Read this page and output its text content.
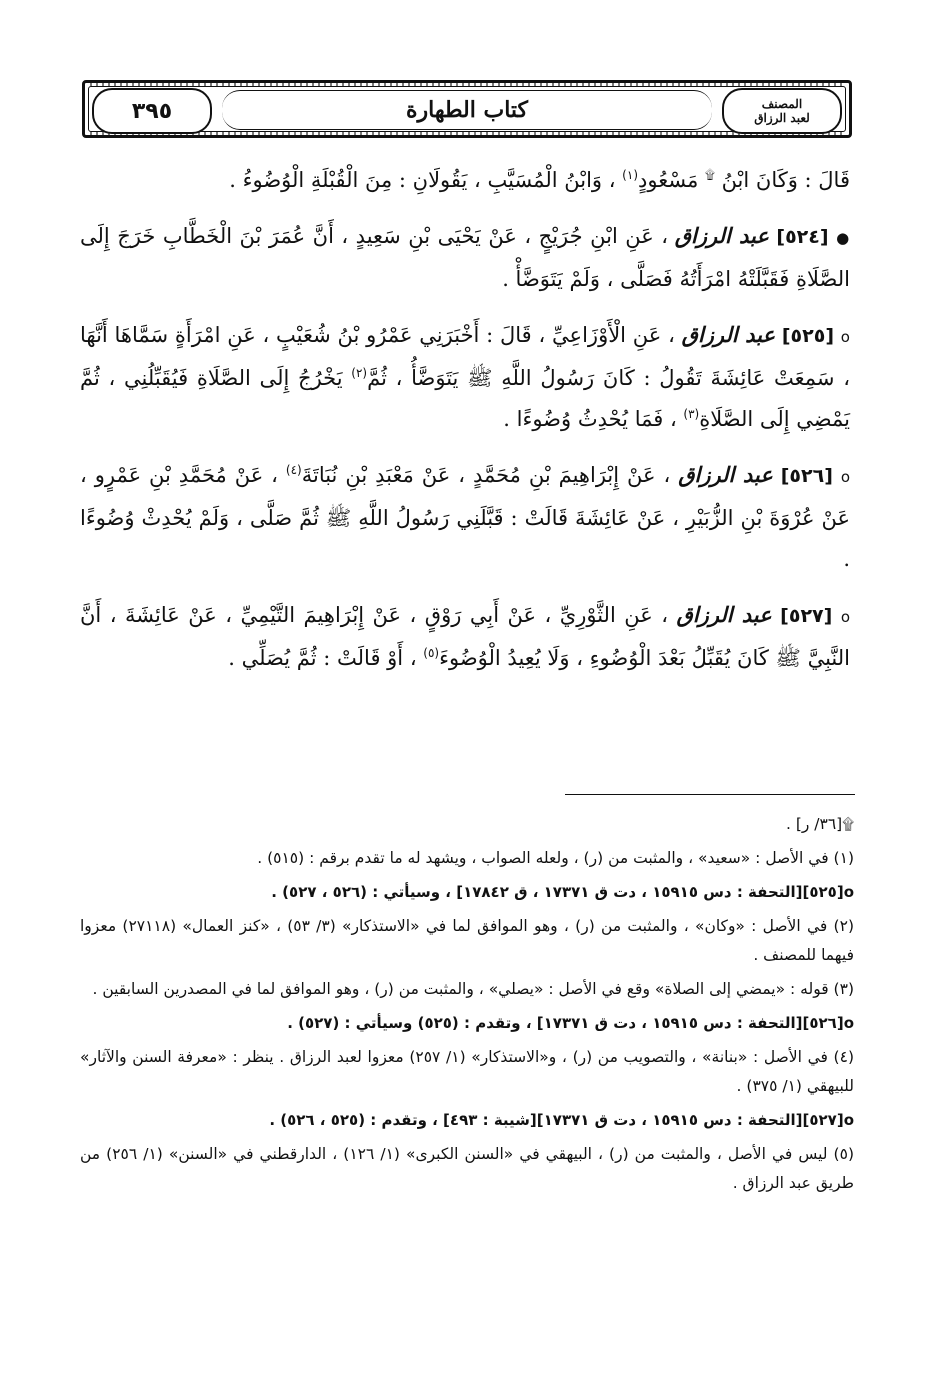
٣٩٥	كتاب الطهارة	المصنف
لعبد الرزاق

قَالَ : وَكَانَ ابْنُ ۩ مَسْعُودٍ$^{(١)}$ ، وَابْنُ الْمُسَيَّبِ ، يَقُولَانِ : مِنَ الْقُبْلَةِ الْوُضُوءُ .

● [٥٢٤] عبد الرزاق ، عَنِ ابْنِ جُرَيْجٍ ، عَنْ يَحْيَى بْنِ سَعِيدٍ ، أَنَّ عُمَرَ بْنَ الْخَطَّابِ خَرَجَ إِلَى الصَّلَاةِ فَقَبَّلَتْهُ امْرَأَتُهُ فَصَلَّى ، وَلَمْ يَتَوَضَّأْ .

ο [٥٢٥] عبد الرزاق ، عَنِ الْأَوْزَاعِيِّ ، قَالَ : أَخْبَرَنِي عَمْرُو بْنُ شُعَيْبٍ ، عَنِ امْرَأَةٍ سَمَّاهَا أَنَّهَا ، سَمِعَتْ عَائِشَةَ تَقُولُ : كَانَ رَسُولُ اللَّهِ ﷺ يَتَوَضَّأُ ، ثُمَّ$^{(٢)}$ يَخْرُجُ إِلَى الصَّلَاةِ فَيُقَبِّلُنِي ، ثُمَّ يَمْضِي إِلَى الصَّلَاةِ$^{(٣)}$ ، فَمَا يُحْدِثُ وُضُوءًا .

ο [٥٢٦] عبد الرزاق ، عَنْ إِبْرَاهِيمَ بْنِ مُحَمَّدٍ ، عَنْ مَعْبَدِ بْنِ نُبَاتَةَ$^{(٤)}$ ، عَنْ مُحَمَّدِ بْنِ عَمْرٍو ، عَنْ عُرْوَةَ بْنِ الزُّبَيْرِ ، عَنْ عَائِشَةَ قَالَتْ : قَبَّلَنِي رَسُولُ اللَّهِ ﷺ ثُمَّ صَلَّى ، وَلَمْ يُحْدِثْ وُضُوءًا .

ο [٥٢٧] عبد الرزاق ، عَنِ الثَّوْرِيِّ ، عَنْ أَبِي رَوْقٍ ، عَنْ إِبْرَاهِيمَ التَّيْمِيِّ ، عَنْ عَائِشَةَ ، أَنَّ النَّبِيَّ ﷺ كَانَ يُقَبِّلُ بَعْدَ الْوُضُوءِ ، وَلَا يُعِيدُ الْوُضُوءَ$^{(٥)}$ ، أَوْ قَالَتْ : ثُمَّ يُصَلِّي .

۩[٣٦/ ر] .

(١) في الأصل : «سعيد» ، والمثبت من (ر) ، ولعله الصواب ، ويشهد له ما تقدم برقم : (٥١٥) .

ο[٥٢٥][التحفة : دس ١٥٩١٥ ، دت ق ١٧٣٧١ ، ق ١٧٨٤٢] ، وسيأتي : (٥٢٦ ، ٥٢٧) .

(٢) في الأصل : «وكان» ، والمثبت من (ر) ، وهو الموافق لما في «الاستذكار» (٣/ ٥٣) ، «كنز العمال» (٢٧١١٨) معزوا فيهما للمصنف .

(٣) قوله : «يمضي إلى الصلاة» وقع في الأصل : «يصلي» ، والمثبت من (ر) ، وهو الموافق لما في المصدرين السابقين .

ο[٥٢٦][التحفة : دس ١٥٩١٥ ، دت ق ١٧٣٧١] ، وتقدم : (٥٢٥) وسيأتي : (٥٢٧) .

(٤) في الأصل : «بنانة» ، والتصويب من (ر) ، و«الاستذكار» (١/ ٢٥٧) معزوا لعبد الرزاق . ينظر : «معرفة السنن والآثار» للبيهقي (١/ ٣٧٥) .

ο[٥٢٧][التحفة : دس ١٥٩١٥ ، دت ق ١٧٣٧١][شيبة : ٤٩٣] ، وتقدم : (٥٢٥ ، ٥٢٦) .

(٥) ليس في الأصل ، والمثبت من (ر) ، البيهقي في «السنن الكبرى» (١/ ١٢٦) ، الدارقطني في «السنن» (١/ ٢٥٦) من طريق عبد الرزاق .
